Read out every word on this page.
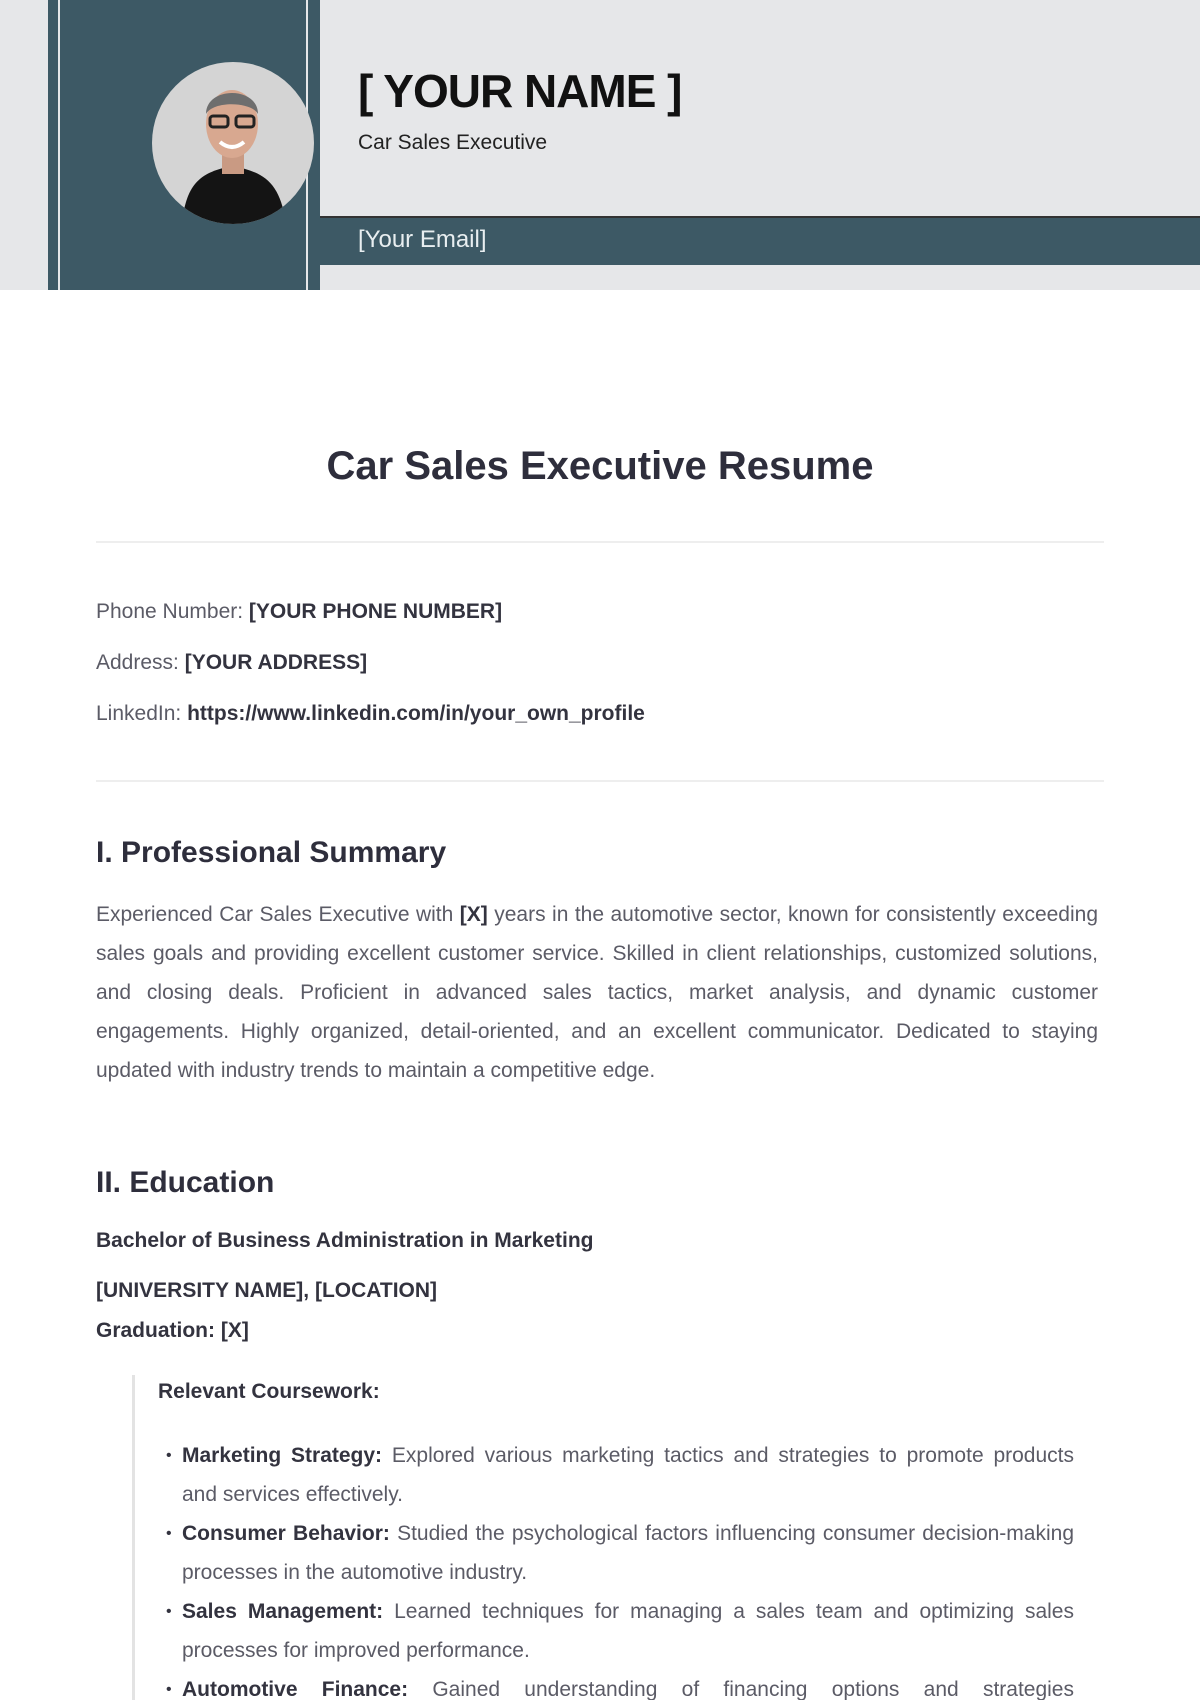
[ YOUR NAME ]
Car Sales Executive
[Your Email]
Car Sales Executive Resume
Phone Number: [YOUR PHONE NUMBER]
Address: [YOUR ADDRESS]
LinkedIn: https://www.linkedin.com/in/your_own_profile
I. Professional Summary
Experienced Car Sales Executive with [X] years in the automotive sector, known for consistently exceeding sales goals and providing excellent customer service. Skilled in client relationships, customized solutions, and closing deals. Proficient in advanced sales tactics, market analysis, and dynamic customer engagements. Highly organized, detail-oriented, and an excellent communicator. Dedicated to staying updated with industry trends to maintain a competitive edge.
II. Education
Bachelor of Business Administration in Marketing
[UNIVERSITY NAME], [LOCATION]
Graduation: [X]
Relevant Coursework:
• Marketing Strategy: Explored various marketing tactics and strategies to promote products and services effectively.
• Consumer Behavior: Studied the psychological factors influencing consumer decision-making processes in the automotive industry.
• Sales Management: Learned techniques for managing a sales team and optimizing sales processes for improved performance.
• Automotive Finance: Gained understanding of financing options and strategies
